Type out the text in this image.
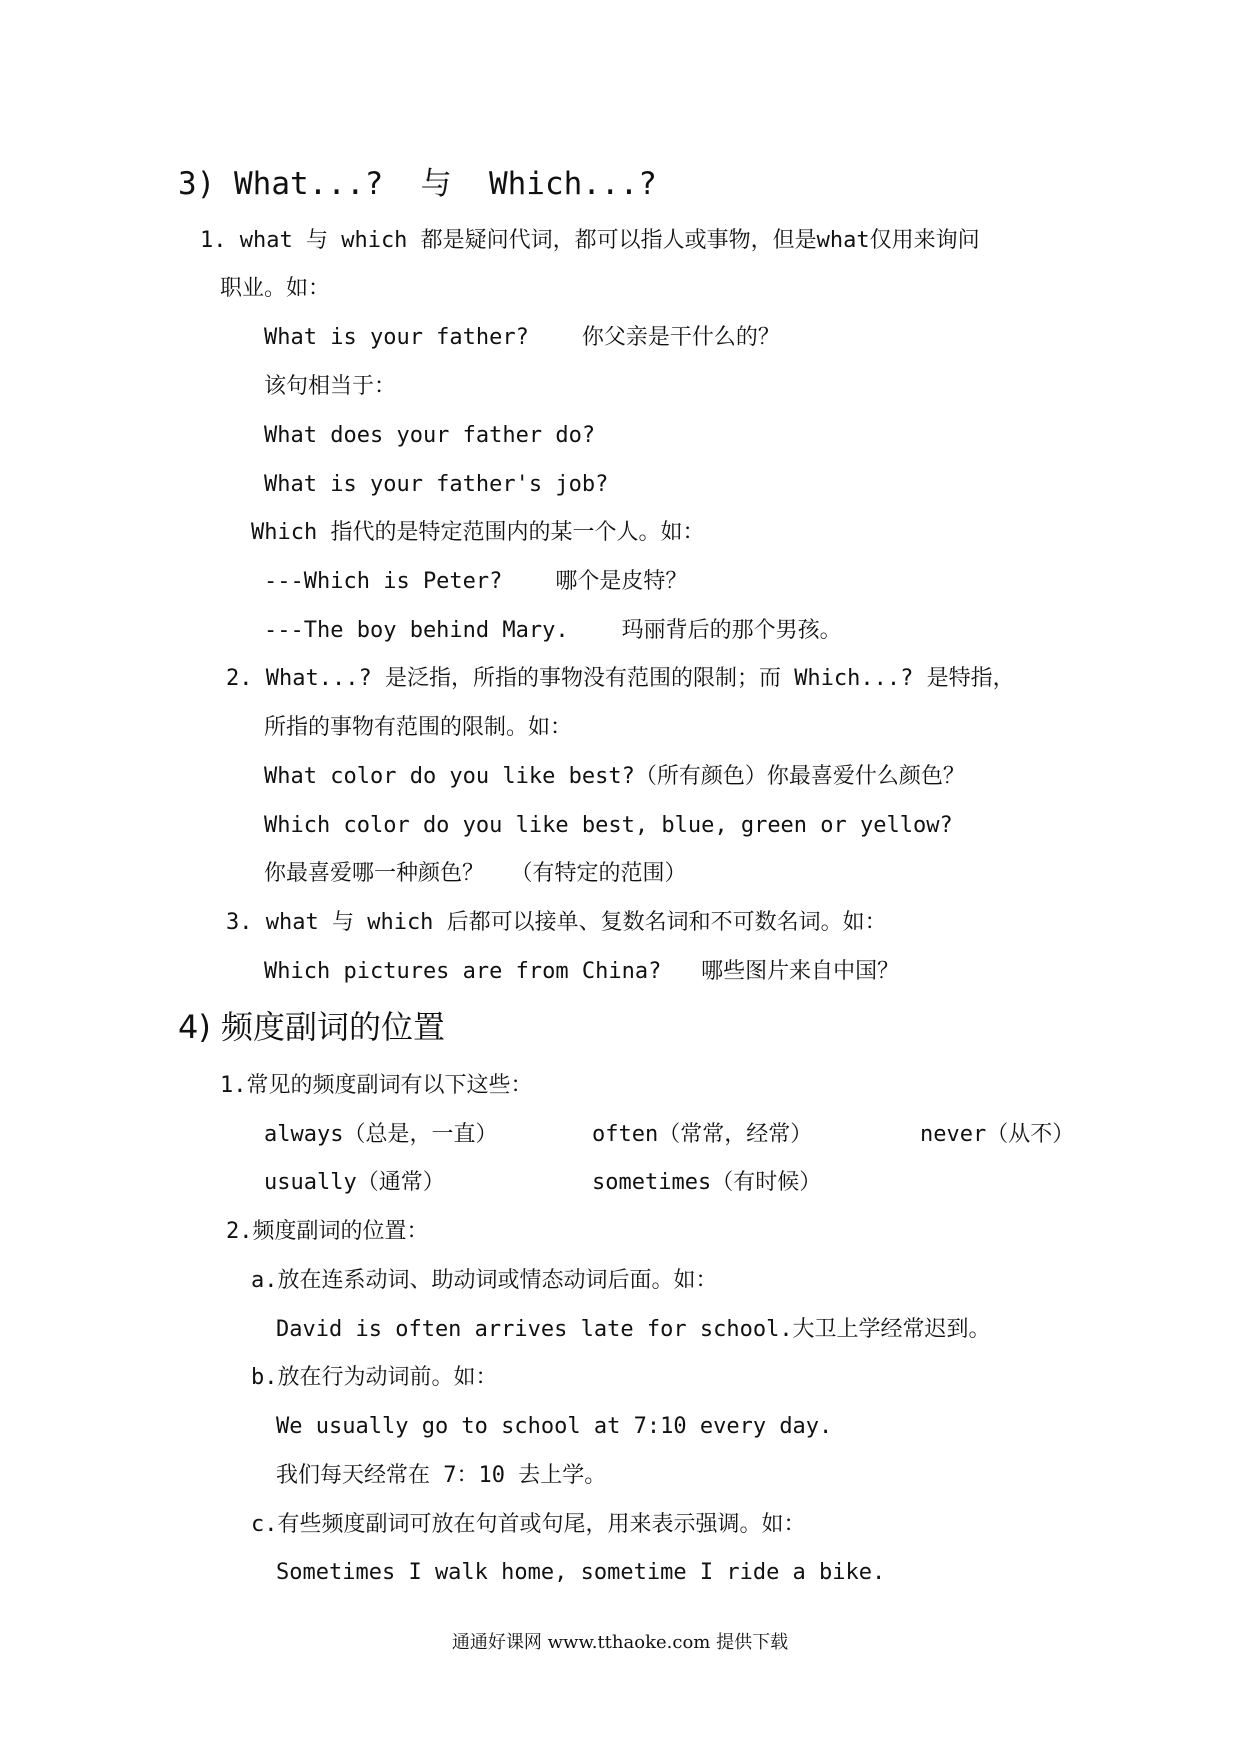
3) What...?  与  Which...?
1. what 与 which 都是疑问代词，都可以指人或事物，但是what仅用来询问
职业。如：
What is your father?    你父亲是干什么的？
该句相当于：
What does your father do?
What is your father's job?
Which 指代的是特定范围内的某一个人。如：
---Which is Peter?    哪个是皮特？
---The boy behind Mary.    玛丽背后的那个男孩。
2. What...? 是泛指，所指的事物没有范围的限制；而 Which...? 是特指，
所指的事物有范围的限制。如：
What color do you like best?（所有颜色）你最喜爱什么颜色？
Which color do you like best, blue, green or yellow?
你最喜爱哪一种颜色？  （有特定的范围）
3. what 与 which 后都可以接单、复数名词和不可数名词。如：
Which pictures are from China?   哪些图片来自中国？
4) 频度副词的位置
1.常见的频度副词有以下这些：
always（总是，一直）	often（常常，经常）	never（从不）
usually（通常）	sometimes（有时候）
2.频度副词的位置：
a.放在连系动词、助动词或情态动词后面。如：
David is often arrives late for school.大卫上学经常迟到。
b.放在行为动词前。如：
We usually go to school at 7:10 every day.
我们每天经常在 7：10 去上学。
c.有些频度副词可放在句首或句尾，用来表示强调。如：
Sometimes I walk home, sometime I ride a bike.
通通好课网 www.tthaoke.com 提供下载
